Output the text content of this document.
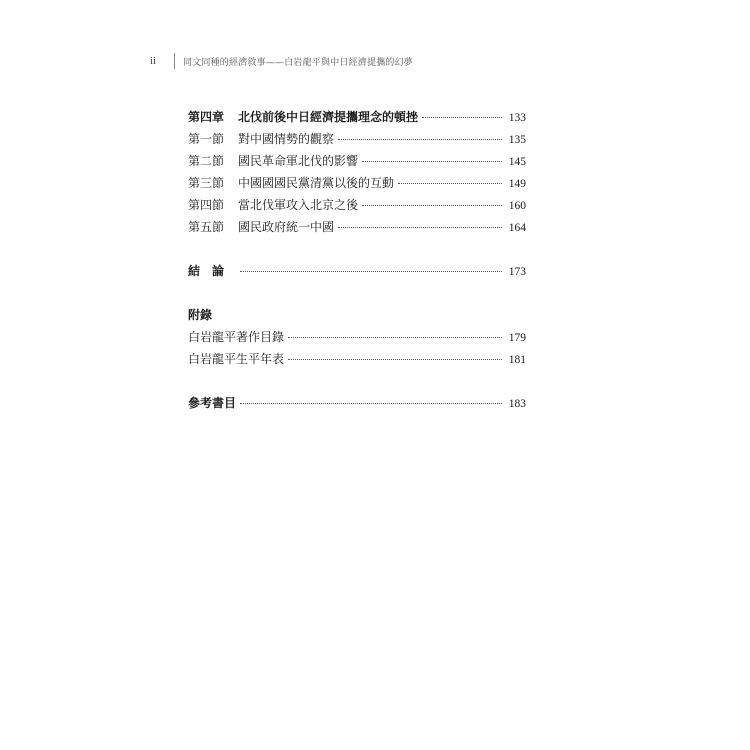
ii	同文同種的經濟敘事——白岩龍平與中日經濟提攜的幻夢
第四章	北伐前後中日經濟提攜理念的頓挫	133
第一節	對中國情勢的觀察	135
第二節	國民革命軍北伐的影響	145
第三節	中國國國民黨清黨以後的互動	149
第四節	當北伐軍攻入北京之後	160
第五節	國民政府統一中國	164
結論	173
附錄
白岩龍平著作目錄	179
白岩龍平生平年表	181
參考書目	183
